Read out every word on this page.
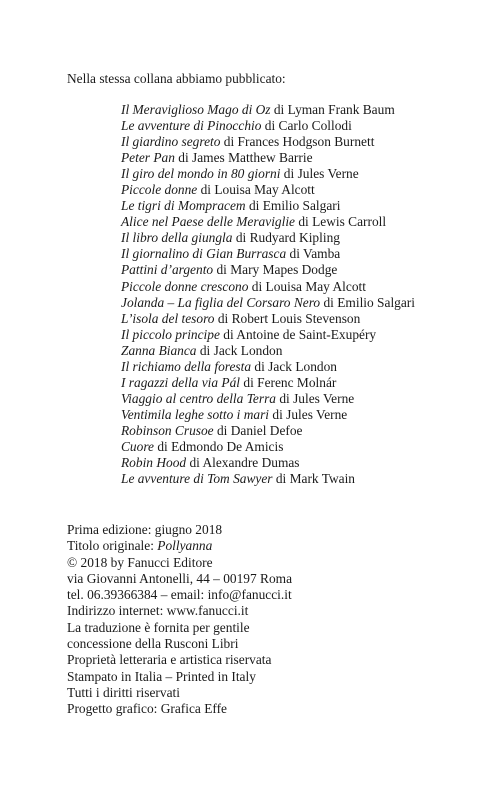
Nella stessa collana abbiamo pubblicato:
Il Meraviglioso Mago di Oz di Lyman Frank Baum
Le avventure di Pinocchio di Carlo Collodi
Il giardino segreto di Frances Hodgson Burnett
Peter Pan di James Matthew Barrie
Il giro del mondo in 80 giorni di Jules Verne
Piccole donne di Louisa May Alcott
Le tigri di Mompracem di Emilio Salgari
Alice nel Paese delle Meraviglie di Lewis Carroll
Il libro della giungla di Rudyard Kipling
Il giornalino di Gian Burrasca di Vamba
Pattini d’argento di Mary Mapes Dodge
Piccole donne crescono di Louisa May Alcott
Jolanda – La figlia del Corsaro Nero di Emilio Salgari
L’isola del tesoro di Robert Louis Stevenson
Il piccolo principe di Antoine de Saint-Exupéry
Zanna Bianca di Jack London
Il richiamo della foresta di Jack London
I ragazzi della via Pál di Ferenc Molnár
Viaggio al centro della Terra di Jules Verne
Ventimila leghe sotto i mari di Jules Verne
Robinson Crusoe di Daniel Defoe
Cuore di Edmondo De Amicis
Robin Hood di Alexandre Dumas
Le avventure di Tom Sawyer di Mark Twain
Prima edizione: giugno 2018
Titolo originale: Pollyanna
© 2018 by Fanucci Editore
via Giovanni Antonelli, 44 – 00197 Roma
tel. 06.39366384 – email: info@fanucci.it
Indirizzo internet: www.fanucci.it
La traduzione è fornita per gentile
concessione della Rusconi Libri
Proprietà letteraria e artistica riservata
Stampato in Italia – Printed in Italy
Tutti i diritti riservati
Progetto grafico: Grafica Effe
